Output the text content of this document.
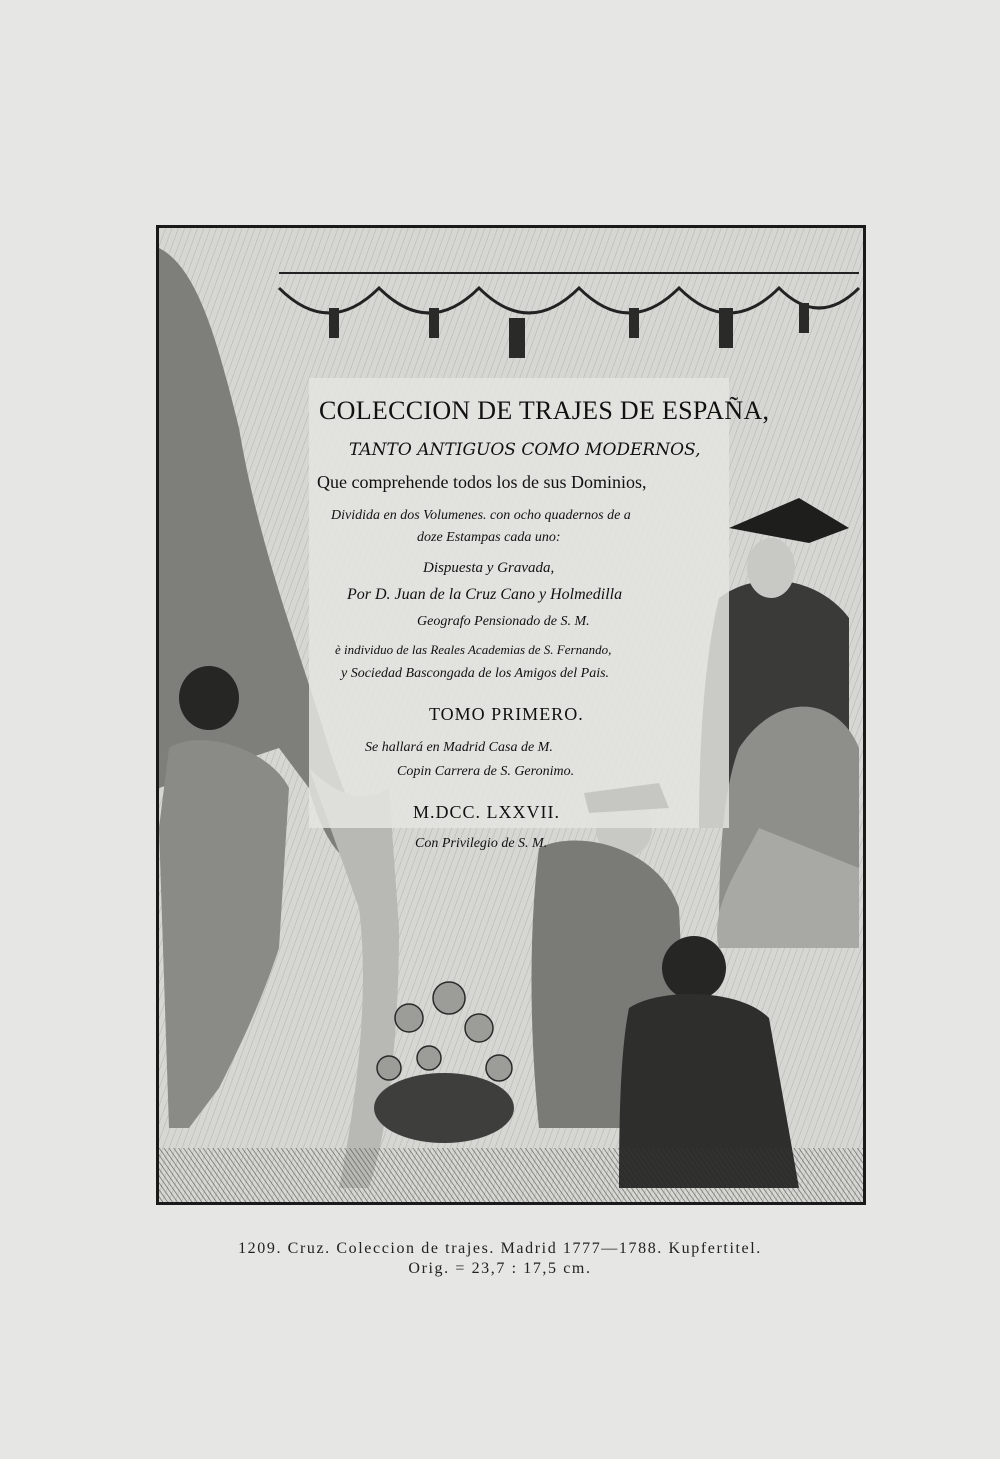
COLECCION DE TRAJES DE ESPAÑA,
TANTO ANTIGUOS COMO MODERNOS,
Que comprehende todos los de sus Dominios,
Dividida en dos Volumenes. con ocho quadernos de a
doze Estampas cada uno:
Dispuesta y Gravada,
Por D. Juan de la Cruz Cano y Holmedilla
Geografo Pensionado de S. M.
è individuo de las Reales Academias de S. Fernando,
y Sociedad Bascongada de los Amigos del Pais.
TOMO PRIMERO.
Se hallará en Madrid Casa de M.
Copin Carrera de S. Geronimo.
M.DCC. LXXVII.
Con Privilegio de S. M.
1209. Cruz. Coleccion de trajes. Madrid 1777—1788. Kupfertitel.
Orig. = 23,7 : 17,5 cm.
